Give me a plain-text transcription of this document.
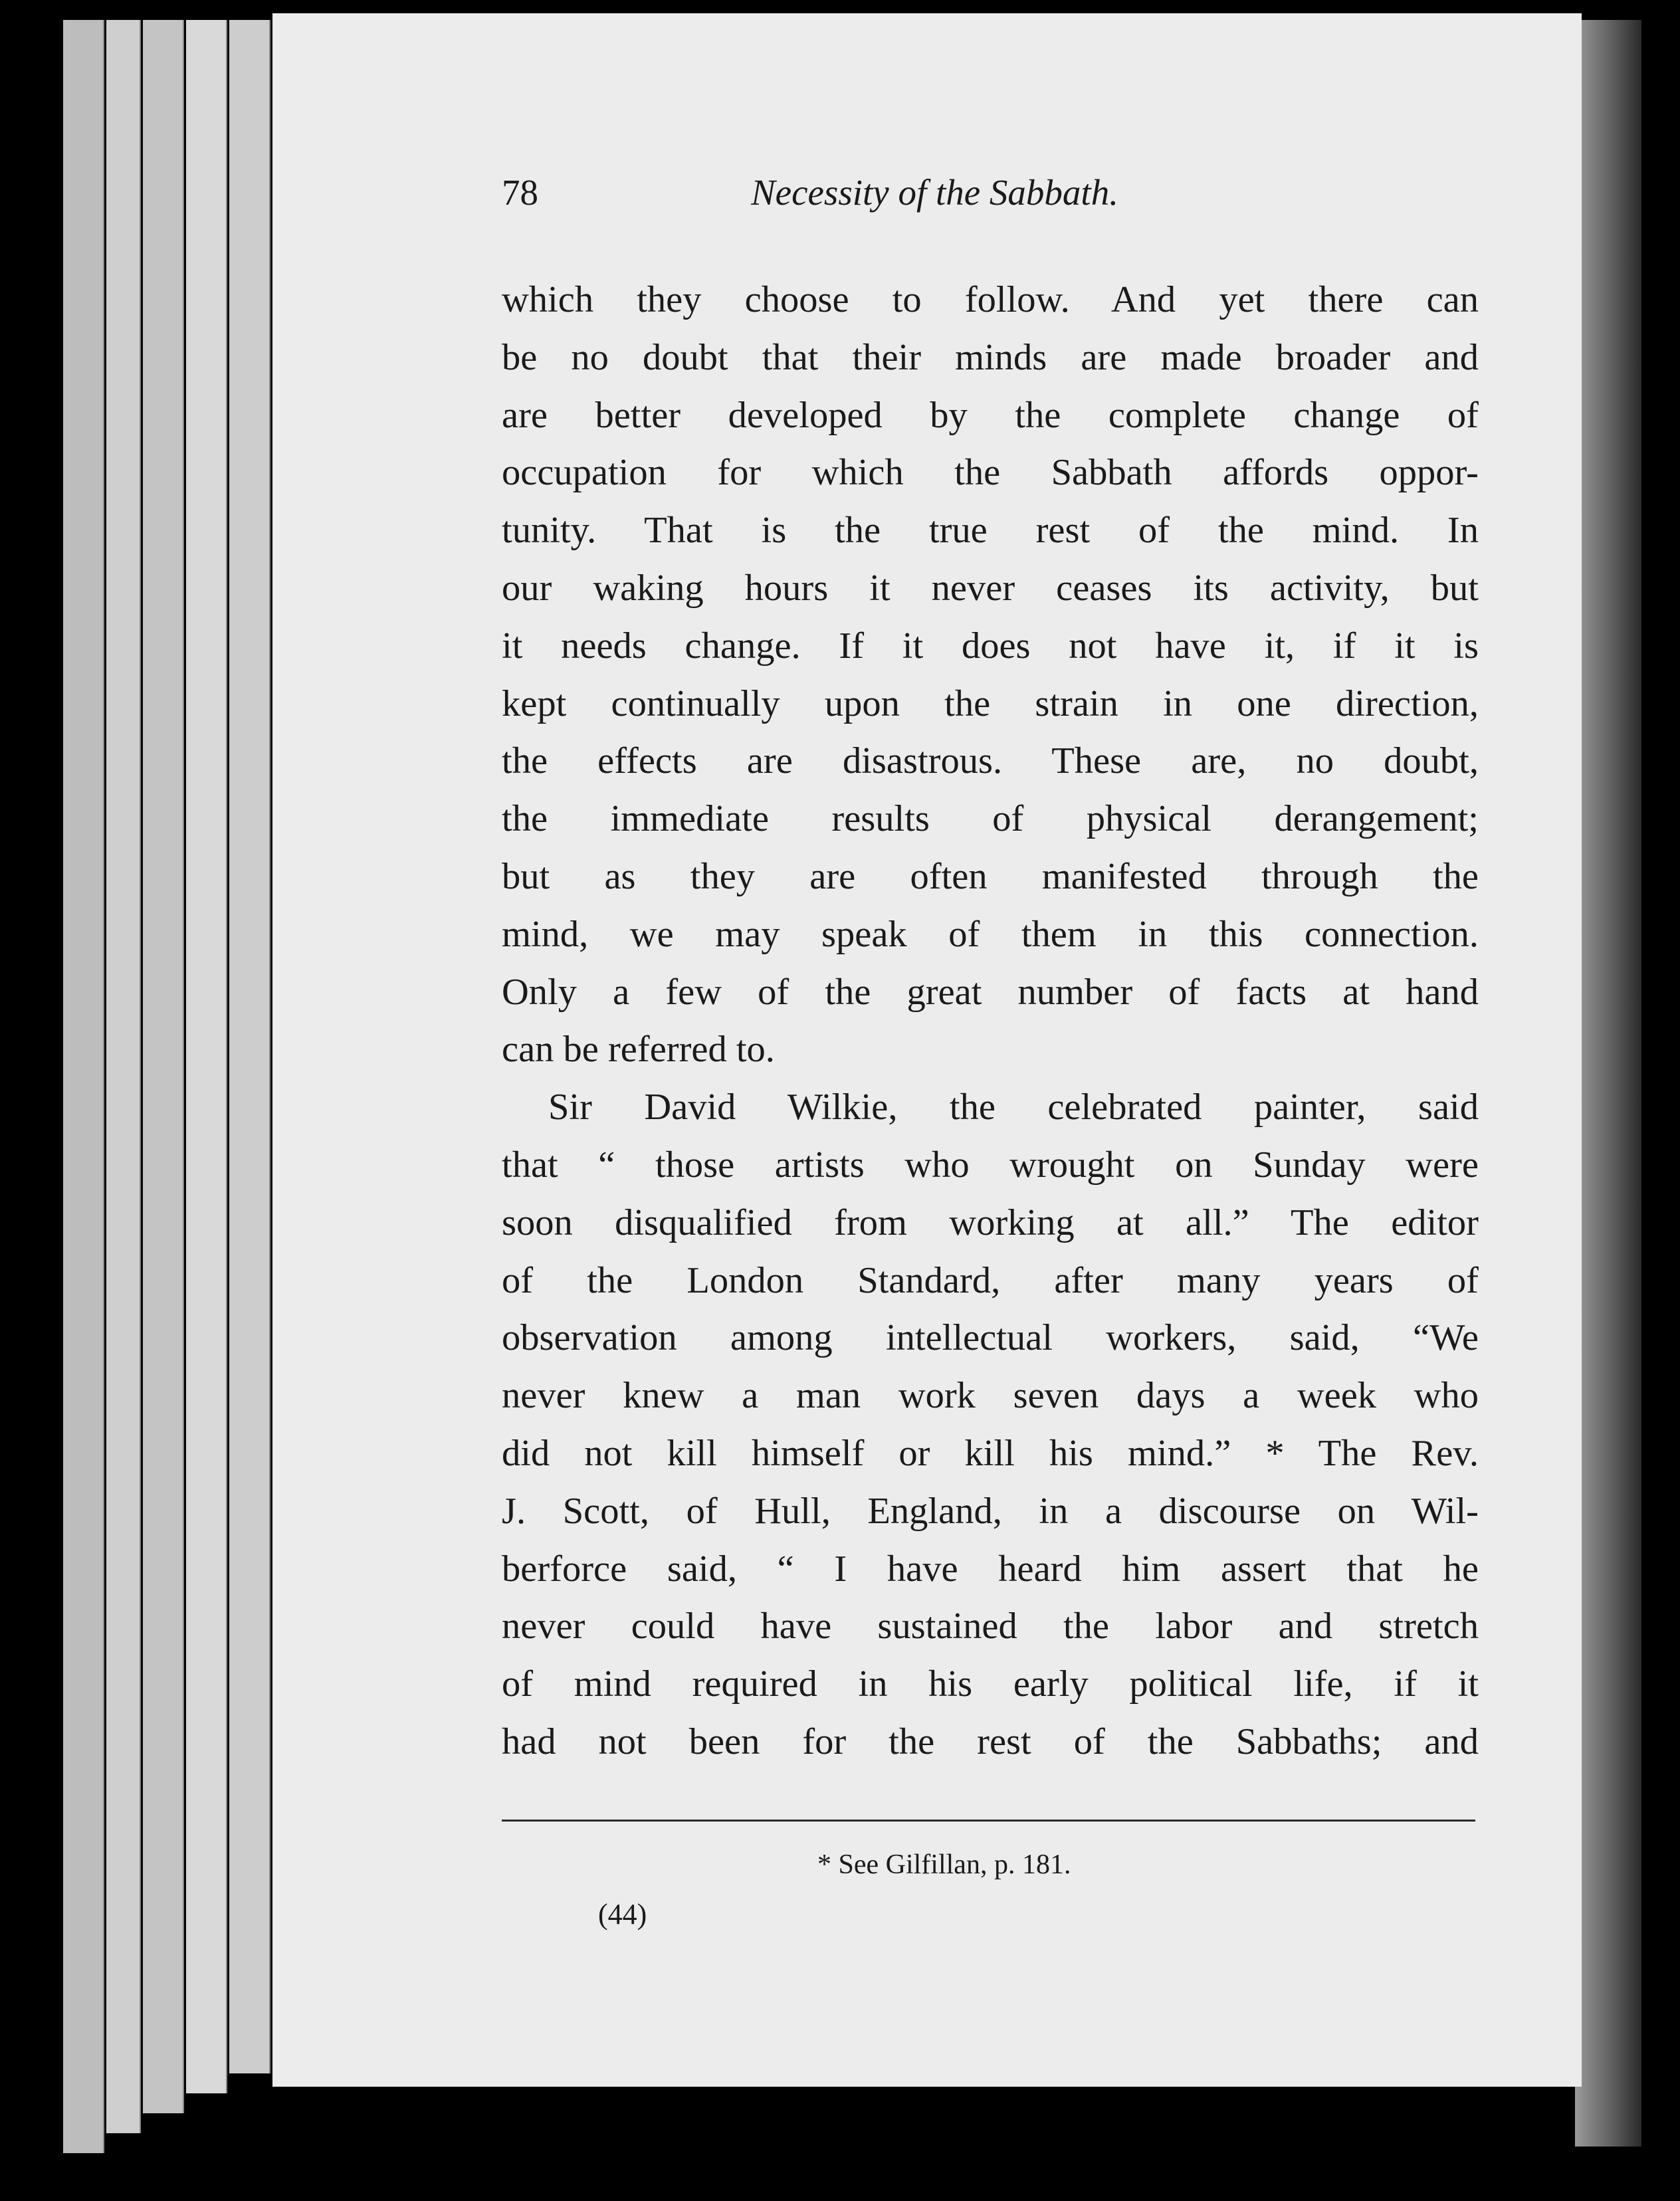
78	Necessity of the Sabbath.
which they choose to follow. And yet there can
be no doubt that their minds are made broader and
are better developed by the complete change of
occupation for which the Sabbath affords oppor-
tunity. That is the true rest of the mind. In
our waking hours it never ceases its activity, but
it needs change. If it does not have it, if it is
kept continually upon the strain in one direction,
the effects are disastrous. These are, no doubt,
the immediate results of physical derangement;
but as they are often manifested through the
mind, we may speak of them in this connection.
Only a few of the great number of facts at hand
can be referred to.
Sir David Wilkie, the celebrated painter, said
that “ those artists who wrought on Sunday were
soon disqualified from working at all.” The editor
of the London Standard, after many years of
observation among intellectual workers, said, “We
never knew a man work seven days a week who
did not kill himself or kill his mind.” * The Rev.
J. Scott, of Hull, England, in a discourse on Wil-
berforce said, “ I have heard him assert that he
never could have sustained the labor and stretch
of mind required in his early political life, if it
had not been for the rest of the Sabbaths; and
* See Gilfillan, p. 181.
(44)
